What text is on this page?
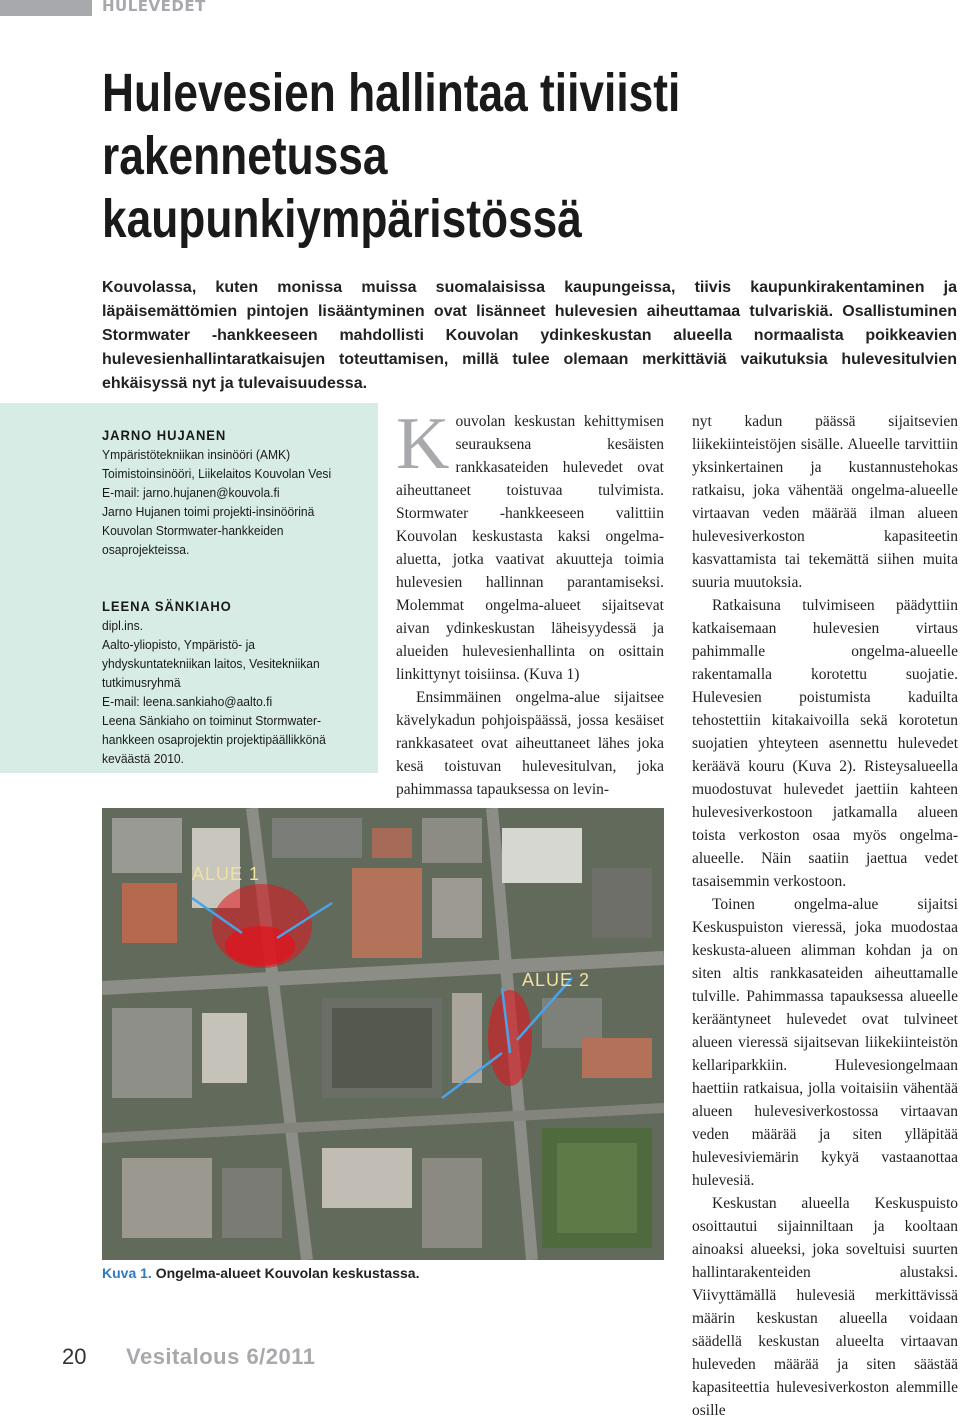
HULEVEDET
Hulevesien hallintaa tiiviisti
rakennetussa
kaupunkiympäristössä

Kouvolassa, kuten monissa muissa suomalaisissa kaupungeissa, tiivis kaupunkirakentaminen ja läpäisemättömien pintojen lisääntyminen ovat lisänneet hulevesien aiheuttamaa tulvariskiä. Osallistuminen Stormwater -hankkeeseen mahdollisti Kouvolan ydinkeskustan alueella normaalista poikkeavien hulevesienhallintaratkaisujen toteuttamisen, millä tulee olemaan merkittäviä vaikutuksia hulevesitulvien ehkäisyssä nyt ja tulevaisuudessa.

JARNO HUJANEN
Ympäristötekniikan insinööri (AMK)
Toimistoinsinööri, Liikelaitos Kouvolan Vesi
E-mail: jarno.hujanen@kouvola.fi
Jarno Hujanen toimi projekti-insinöörinä
Kouvolan Stormwater-hankkeiden
osaprojekteissa.
LEENA SÄNKIAHO
dipl.ins.
Aalto-yliopisto, Ympäristö- ja
yhdyskuntatekniikan laitos, Vesitekniikan
tutkimusryhmä
E-mail: leena.sankiaho@aalto.fi
Leena Sänkiaho on toiminut Stormwater-
hankkeen osaprojektin projektipäällikkönä
keväästä 2010.

Kouvolan keskustan kehittymisen seurauksena kesäisten rankkasateiden hulevedet ovat aiheuttaneet toistuvaa tulvimista. Stormwater -hankkeeseen valittiin Kouvolan keskustasta kaksi ongelma-aluetta, jotka vaativat akuutteja toimia hulevesien hallinnan parantamiseksi. Molemmat ongelma-alueet sijaitsevat aivan ydinkeskustan läheisyydessä ja alueiden hulevesienhallinta on osittain linkittynyt toisiinsa. (Kuva 1)

Ensimmäinen ongelma-alue sijaitsee kävelykadun pohjoispäässä, jossa kesäiset rankkasateet ovat aiheuttaneet lähes joka kesä toistuvan hulevesitulvan, joka pahimmassa tapauksessa on levin-

nyt kadun päässä sijaitsevien liikekiinteistöjen sisälle. Alueelle tarvittiin yksinkertainen ja kustannustehokas ratkaisu, joka vähentää ongelma-alueelle virtaavan veden määrää ilman alueen hulevesiverkoston kapasiteetin kasvattamista tai tekemättä siihen muita suuria muutoksia.

Ratkaisuna tulvimiseen päädyttiin katkaisemaan hulevesien virtaus pahimmalle ongelma-alueelle rakentamalla korotettu suojatie. Hulevesien poistumista kaduilta tehostettiin kitakaivoilla sekä korotetun suojatien yhteyteen asennettu hulevedet keräävä kouru (Kuva 2). Risteysalueella muodostuvat hulevedet jaettiin kahteen hulevesiverkostoon jatkamalla alueen toista verkoston osaa myös ongelma-alueelle. Näin saatiin jaettua vedet tasaisemmin verkostoon.

Toinen ongelma-alue sijaitsi Keskuspuiston vieressä, joka muodostaa keskusta-alueen alimman kohdan ja on siten altis rankkasateiden aiheuttamalle tulville. Pahimmassa tapauksessa alueelle kerääntyneet hulevedet ovat tulvineet alueen vieressä sijaitsevan liikekiinteistön kellariparkkiin. Hulevesiongelmaan haettiin ratkaisua, jolla voitaisiin vähentää alueen hulevesiverkostossa virtaavan veden määrää ja siten ylläpitää hulevesiviemärin kykyä vastaanottaa hulevesiä.

Keskustan alueella Keskuspuisto osoittautui sijainniltaan ja kooltaan ainoaksi alueeksi, joka soveltuisi suurten hallintarakenteiden alustaksi. Viivyttämällä hulevesiä merkittävissä määrin keskustan alueella voidaan säädellä keskustan alueelta virtaavan huleveden määrää ja siten säästää kapasiteettia hulevesiverkoston alemmille osille

ALUE 1
ALUE 2
Kuva 1. Ongelma-alueet Kouvolan keskustassa.
20 Vesitalous 6/2011
